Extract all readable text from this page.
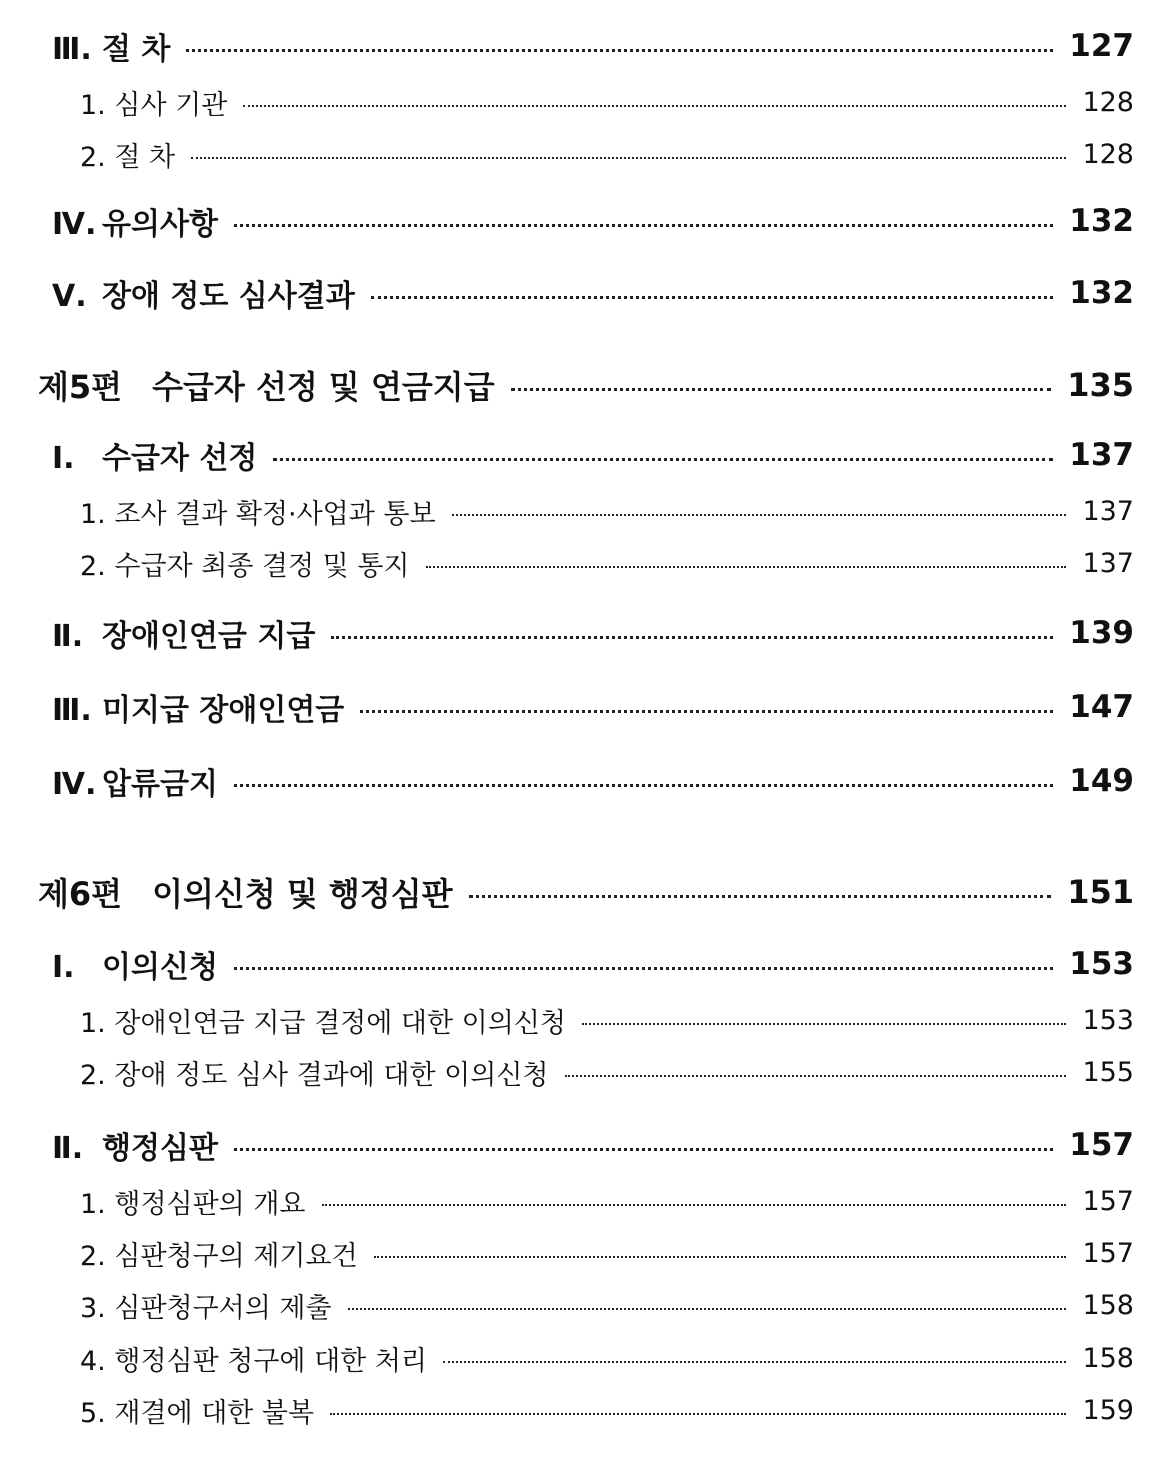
Ⅲ. 절 차	127
1. 심사 기관	128
2. 절 차	128
Ⅳ. 유의사항	132
Ⅴ. 장애 정도 심사결과	132
제5편 수급자 선정 및 연금지급	135
Ⅰ. 수급자 선정	137
1. 조사 결과 확정·사업과 통보	137
2. 수급자 최종 결정 및 통지	137
Ⅱ. 장애인연금 지급	139
Ⅲ. 미지급 장애인연금	147
Ⅳ. 압류금지	149
제6편 이의신청 및 행정심판	151
Ⅰ. 이의신청	153
1. 장애인연금 지급 결정에 대한 이의신청	153
2. 장애 정도 심사 결과에 대한 이의신청	155
Ⅱ. 행정심판	157
1. 행정심판의 개요	157
2. 심판청구의 제기요건	157
3. 심판청구서의 제출	158
4. 행정심판 청구에 대한 처리	158
5. 재결에 대한 불복	159
